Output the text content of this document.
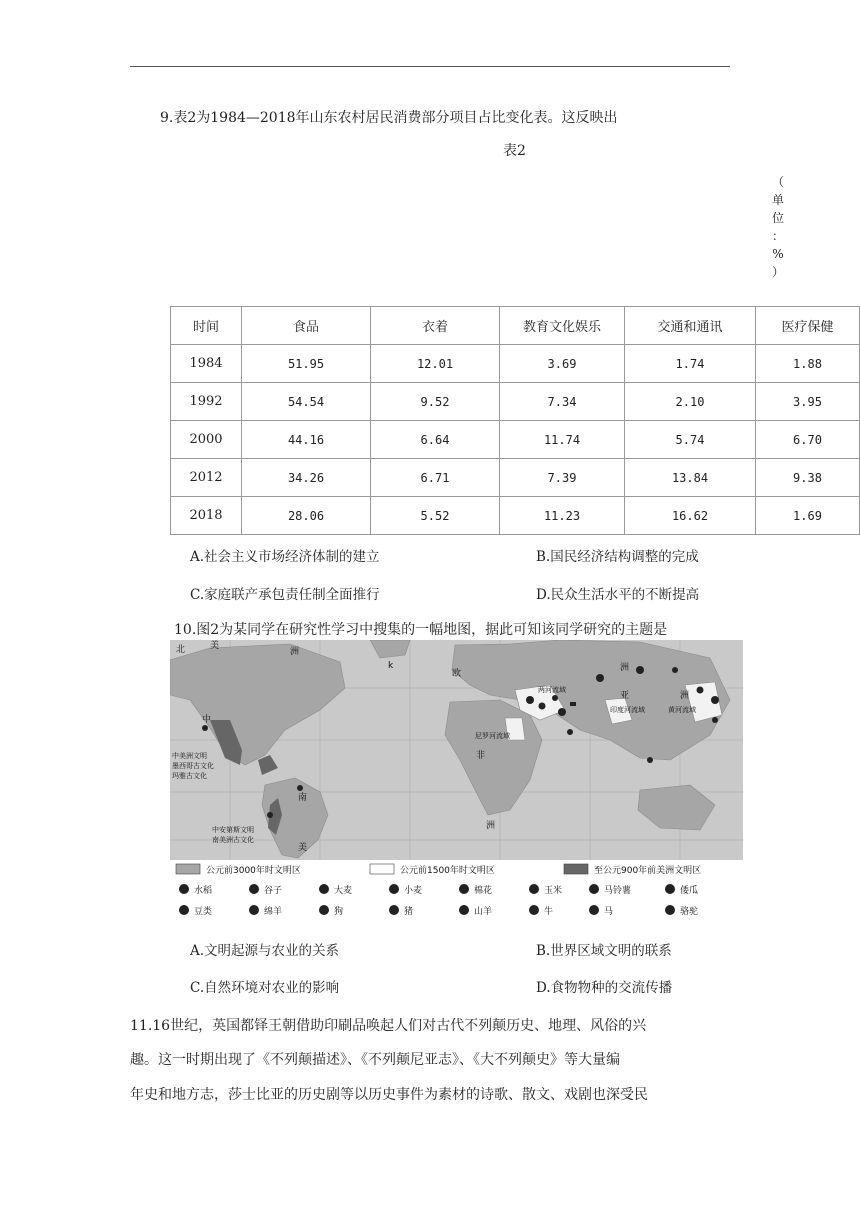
9.表2为1984—2018年山东农村居民消费部分项目占比变化表。这反映出
表2
（
单
位
：
%
）
时间	食品	衣着	教育文化娱乐	交通和通讯	医疗保健
1984	51.95	12.01	3.69	1.74	1.88
1992	54.54	9.52	7.34	2.10	3.95
2000	44.16	6.64	11.74	5.74	6.70
2012	34.26	6.71	7.39	13.84	9.38
2018	28.06	5.52	11.23	16.62	1.69
A.社会主义市场经济体制的建立	B.国民经济结构调整的完成
C.家庭联产承包责任制全面推行	D.民众生活水平的不断提高
10.图2为某同学在研究性学习中搜集的一幅地图，据此可知该同学研究的主题是
北	美
洲
k
欧
洲
亚	洲
非
南
美
洲
中
两河流域
尼罗河流域
印度河流域	黄河流域
中美洲文明
墨西哥古文化
玛雅古文化
中安第斯文明
南美洲古文化
公元前3000年时文明区	公元前1500年时文明区	至公元900年前美洲文明区
水稻	谷子	大麦	小麦	棉花	玉米	马铃薯	倭瓜
豆类	绵羊	狗	猪	山羊	牛	马	骆驼
A.文明起源与农业的关系	B.世界区域文明的联系
C.自然环境对农业的影响	D.食物物种的交流传播
11.16世纪，英国都铎王朝借助印刷品唤起人们对古代不列颠历史、地理、风俗的兴
趣。这一时期出现了《不列颠描述》、《不列颠尼亚志》、《大不列颠史》等大量编
年史和地方志，莎士比亚的历史剧等以历史事件为素材的诗歌、散文、戏剧也深受民
